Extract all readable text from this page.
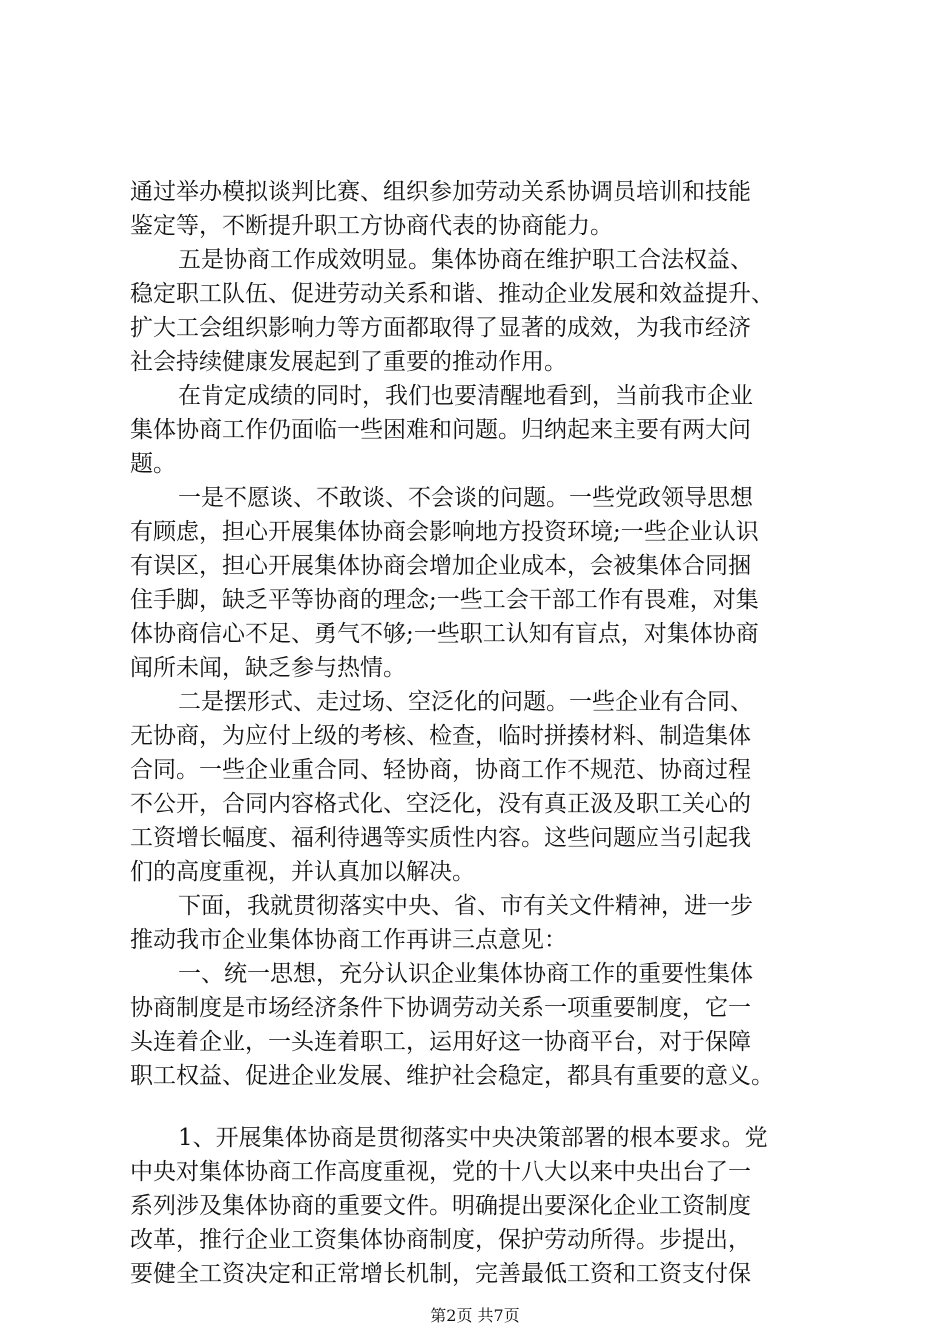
通过举办模拟谈判比赛、组织参加劳动关系协调员培训和技能
鉴定等，不断提升职工方协商代表的协商能力。
五是协商工作成效明显。集体协商在维护职工合法权益、
稳定职工队伍、促进劳动关系和谐、推动企业发展和效益提升、
扩大工会组织影响力等方面都取得了显著的成效，为我市经济
社会持续健康发展起到了重要的推动作用。
在肯定成绩的同时，我们也要清醒地看到，当前我市企业
集体协商工作仍面临一些困难和问题。归纳起来主要有两大问
题。
一是不愿谈、不敢谈、不会谈的问题。一些党政领导思想
有顾虑，担心开展集体协商会影响地方投资环境;一些企业认识
有误区，担心开展集体协商会增加企业成本，会被集体合同捆
住手脚，缺乏平等协商的理念;一些工会干部工作有畏难，对集
体协商信心不足、勇气不够;一些职工认知有盲点，对集体协商
闻所未闻，缺乏参与热情。
二是摆形式、走过场、空泛化的问题。一些企业有合同、
无协商，为应付上级的考核、检查，临时拼揍材料、制造集体
合同。一些企业重合同、轻协商，协商工作不规范、协商过程
不公开，合同内容格式化、空泛化，没有真正汲及职工关心的
工资增长幅度、福利待遇等实质性内容。这些问题应当引起我
们的高度重视，并认真加以解决。
下面，我就贯彻落实中央、省、市有关文件精神，进一步
推动我市企业集体协商工作再讲三点意见：
一、统一思想，充分认识企业集体协商工作的重要性集体
协商制度是市场经济条件下协调劳动关系一项重要制度，它一
头连着企业，一头连着职工，运用好这一协商平台，对于保障
职工权益、促进企业发展、维护社会稳定，都具有重要的意义。
1、开展集体协商是贯彻落实中央决策部署的根本要求。党
中央对集体协商工作高度重视，党的十八大以来中央出台了一
系列涉及集体协商的重要文件。明确提出要深化企业工资制度
改革，推行企业工资集体协商制度，保护劳动所得。步提出，
要健全工资决定和正常增长机制，完善最低工资和工资支付保
第2页 共7页
